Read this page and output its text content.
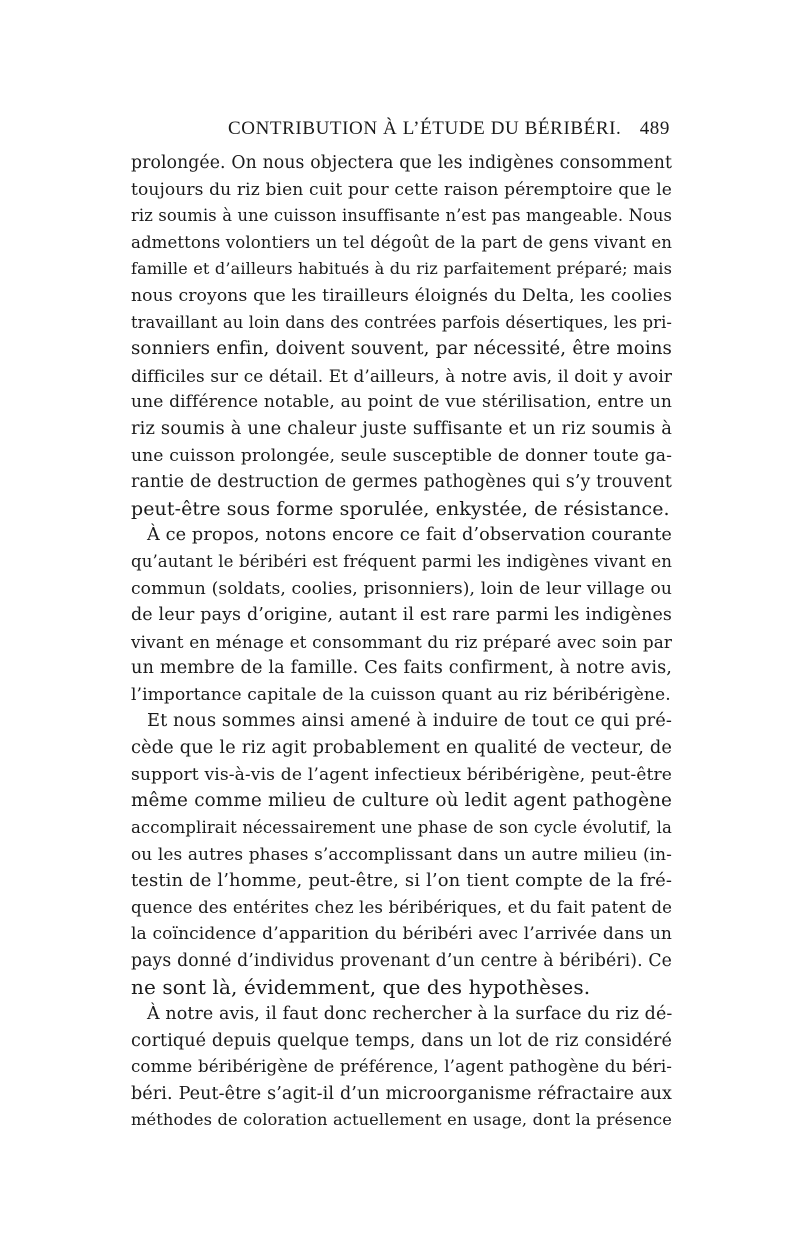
CONTRIBUTION À L’ÉTUDE DU BÉRIBÉRI. 489
prolongée. On nous objectera que les indigènes consomment
toujours du riz bien cuit pour cette raison péremptoire que le
riz soumis à une cuisson insuffisante n’est pas mangeable. Nous
admettons volontiers un tel dégoût de la part de gens vivant en
famille et d’ailleurs habitués à du riz parfaitement préparé; mais
nous croyons que les tirailleurs éloignés du Delta, les coolies
travaillant au loin dans des contrées parfois désertiques, les pri-
sonniers enfin, doivent souvent, par nécessité, être moins
difficiles sur ce détail. Et d’ailleurs, à notre avis, il doit y avoir
une différence notable, au point de vue stérilisation, entre un
riz soumis à une chaleur juste suffisante et un riz soumis à
une cuisson prolongée, seule susceptible de donner toute ga-
rantie de destruction de germes pathogènes qui s’y trouvent
peut-être sous forme sporulée, enkystée, de résistance.
À ce propos, notons encore ce fait d’observation courante
qu’autant le béribéri est fréquent parmi les indigènes vivant en
commun (soldats, coolies, prisonniers), loin de leur village ou
de leur pays d’origine, autant il est rare parmi les indigènes
vivant en ménage et consommant du riz préparé avec soin par
un membre de la famille. Ces faits confirment, à notre avis,
l’importance capitale de la cuisson quant au riz béribérigène.
Et nous sommes ainsi amené à induire de tout ce qui pré-
cède que le riz agit probablement en qualité de vecteur, de
support vis-à-vis de l’agent infectieux béribérigène, peut-être
même comme milieu de culture où ledit agent pathogène
accomplirait nécessairement une phase de son cycle évolutif, la
ou les autres phases s’accomplissant dans un autre milieu (in-
testin de l’homme, peut-être, si l’on tient compte de la fré-
quence des entérites chez les béribériques, et du fait patent de
la coïncidence d’apparition du béribéri avec l’arrivée dans un
pays donné d’individus provenant d’un centre à béribéri). Ce
ne sont là, évidemment, que des hypothèses.
À notre avis, il faut donc rechercher à la surface du riz dé-
cortiqué depuis quelque temps, dans un lot de riz considéré
comme béribérigène de préférence, l’agent pathogène du béri-
béri. Peut-être s’agit-il d’un microorganisme réfractaire aux
méthodes de coloration actuellement en usage, dont la présence
